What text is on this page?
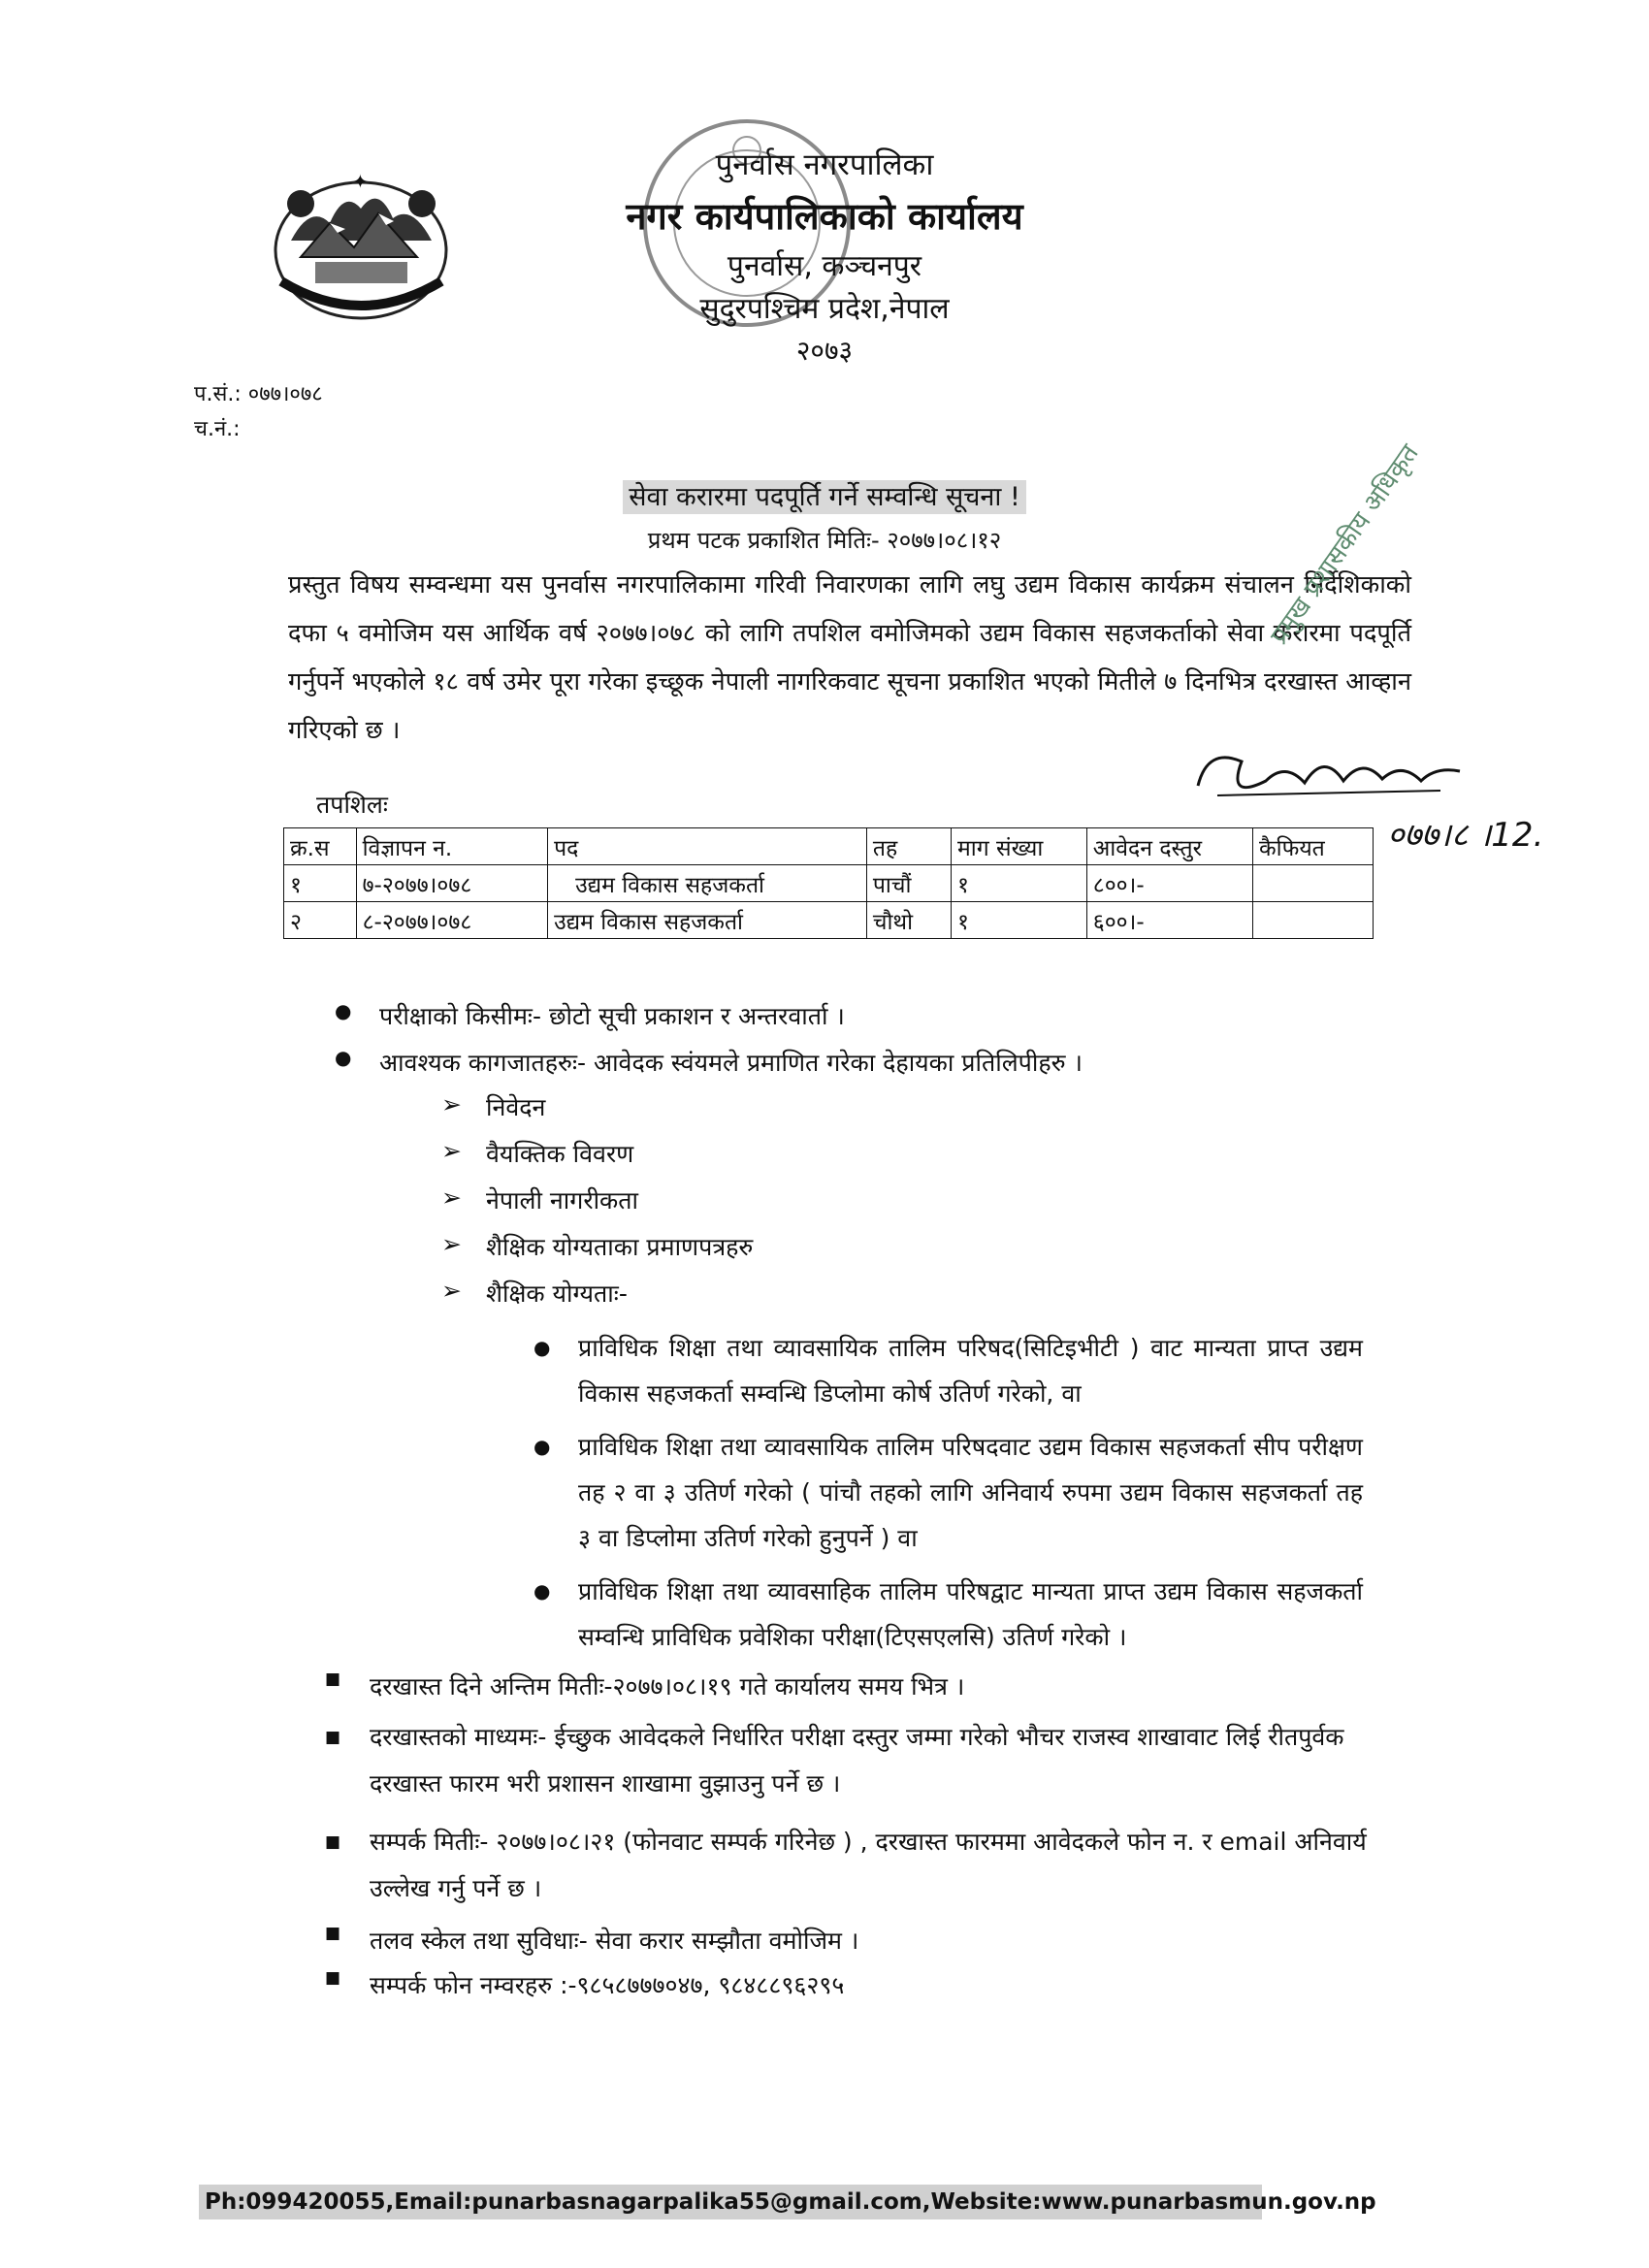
✦	पुनर्वास नगरपालिका
नगर कार्यपालिकाको कार्यालय
पुनर्वास, कञ्चनपुर
सुदुरपश्चिम प्रदेश,नेपाल
२०७३
प.सं.: ०७७।०७८
च.नं.:
सेवा करारमा पदपूर्ति गर्ने सम्वन्धि सूचना !
प्रथम पटक प्रकाशित मितिः- २०७७।०८।१२
प्रस्तुत विषय सम्वन्धमा यस पुनर्वास नगरपालिकामा गरिवी निवारणका लागि लघु उद्यम विकास कार्यक्रम संचालन निर्देशिकाको दफा ५ वमोजिम यस आर्थिक वर्ष २०७७।०७८ को लागि तपशिल वमोजिमको उद्यम विकास सहजकर्ताको सेवा करारमा पदपूर्ति गर्नुपर्ने भएकोले १८ वर्ष उमेर पूरा गरेका इच्छूक नेपाली नागरिकवाट सूचना प्रकाशित भएको मितीले ७ दिनभित्र दरखास्त आव्हान गरिएको छ ।
०७७।८ ।12.
प्रमुख प्रशासकीय अधिकृत
तपशिलः
क्र.स	विज्ञापन न.	पद	तह	माग संख्या	आवेदन दस्तुर	कैफियत
१	७-२०७७।०७८	उद्यम विकास सहजकर्ता	पाचौं	१	८००।-	
२	८-२०७७।०७८	उद्यम विकास सहजकर्ता	चौथो	१	६००।-	
● परीक्षाको किसीमः- छोटो सूची प्रकाशन र अन्तरवार्ता ।
● आवश्यक कागजातहरुः- आवेदक स्वंयमले प्रमाणित गरेका देहायका प्रतिलिपीहरु ।
➢ निवेदन
➢ वैयक्तिक विवरण
➢ नेपाली नागरीकता
➢ शैक्षिक योग्यताका प्रमाणपत्रहरु
➢ शैक्षिक योग्यताः-
● प्राविधिक शिक्षा तथा व्यावसायिक तालिम परिषद(सिटिइभीटी ) वाट मान्यता प्राप्त उद्यम विकास सहजकर्ता सम्वन्धि डिप्लोमा कोर्ष उतिर्ण गरेको, वा
● प्राविधिक शिक्षा तथा व्यावसायिक तालिम परिषदवाट उद्यम विकास सहजकर्ता सीप परीक्षण तह २ वा ३ उतिर्ण गरेको ( पांचौ तहको लागि अनिवार्य रुपमा उद्यम विकास सहजकर्ता तह ३ वा डिप्लोमा उतिर्ण गरेको हुनुपर्ने ) वा
● प्राविधिक शिक्षा तथा व्यावसाहिक तालिम परिषद्वाट मान्यता प्राप्त उद्यम विकास सहजकर्ता सम्वन्धि प्राविधिक प्रवेशिका परीक्षा(टिएसएलसि) उतिर्ण गरेको ।
■ दरखास्त दिने अन्तिम मितीः-२०७७।०८।१९ गते कार्यालय समय भित्र ।
■ दरखास्तको माध्यमः- ईच्छुक आवेदकले निर्धारित परीक्षा दस्तुर जम्मा गरेको भौचर राजस्व शाखावाट लिई रीतपुर्वक दरखास्त फारम भरी प्रशासन शाखामा वुझाउनु पर्ने छ ।
■ सम्पर्क मितीः- २०७७।०८।२१ (फोनवाट सम्पर्क गरिनेछ ) , दरखास्त फारममा आवेदकले फोन न. र email अनिवार्य उल्लेख गर्नु पर्ने छ ।
■ तलव स्केल तथा सुविधाः- सेवा करार सम्झौता वमोजिम ।
■ सम्पर्क फोन नम्वरहरु :-९८५८७७७०४७, ९८४८८९६२९५
Ph:099420055,Email:punarbasnagarpalika55@gmail.com,Website:www.punarbasmun.gov.np
